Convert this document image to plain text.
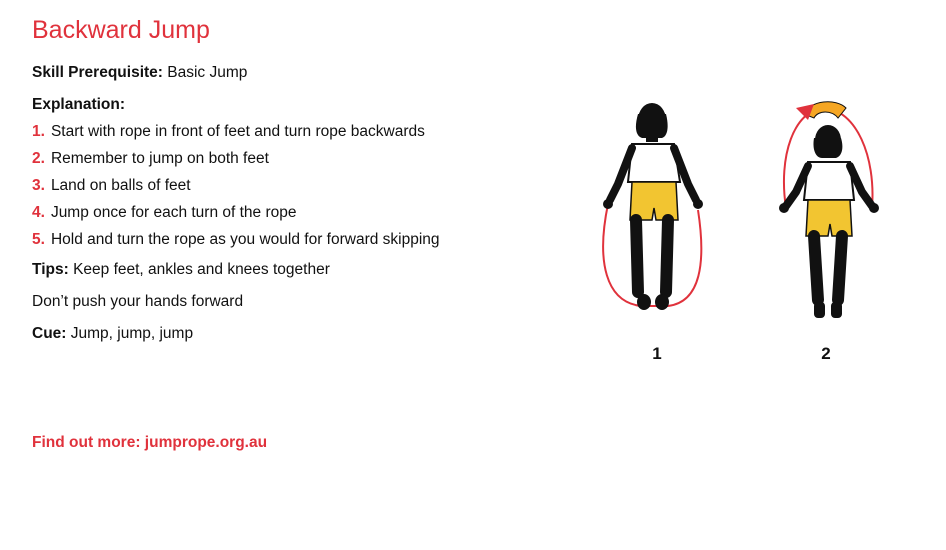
Backward Jump
Skill Prerequisite: Basic Jump
Explanation:
1. Start with rope in front of feet and turn rope backwards
2. Remember to jump on both feet
3. Land on balls of feet
4. Jump once for each turn of the rope
5. Hold and turn the rope as you would for forward skipping
Tips: Keep feet, ankles and knees together
Don’t push your hands forward
Cue: Jump, jump, jump
Find out more: jumprope.org.au
1	2
